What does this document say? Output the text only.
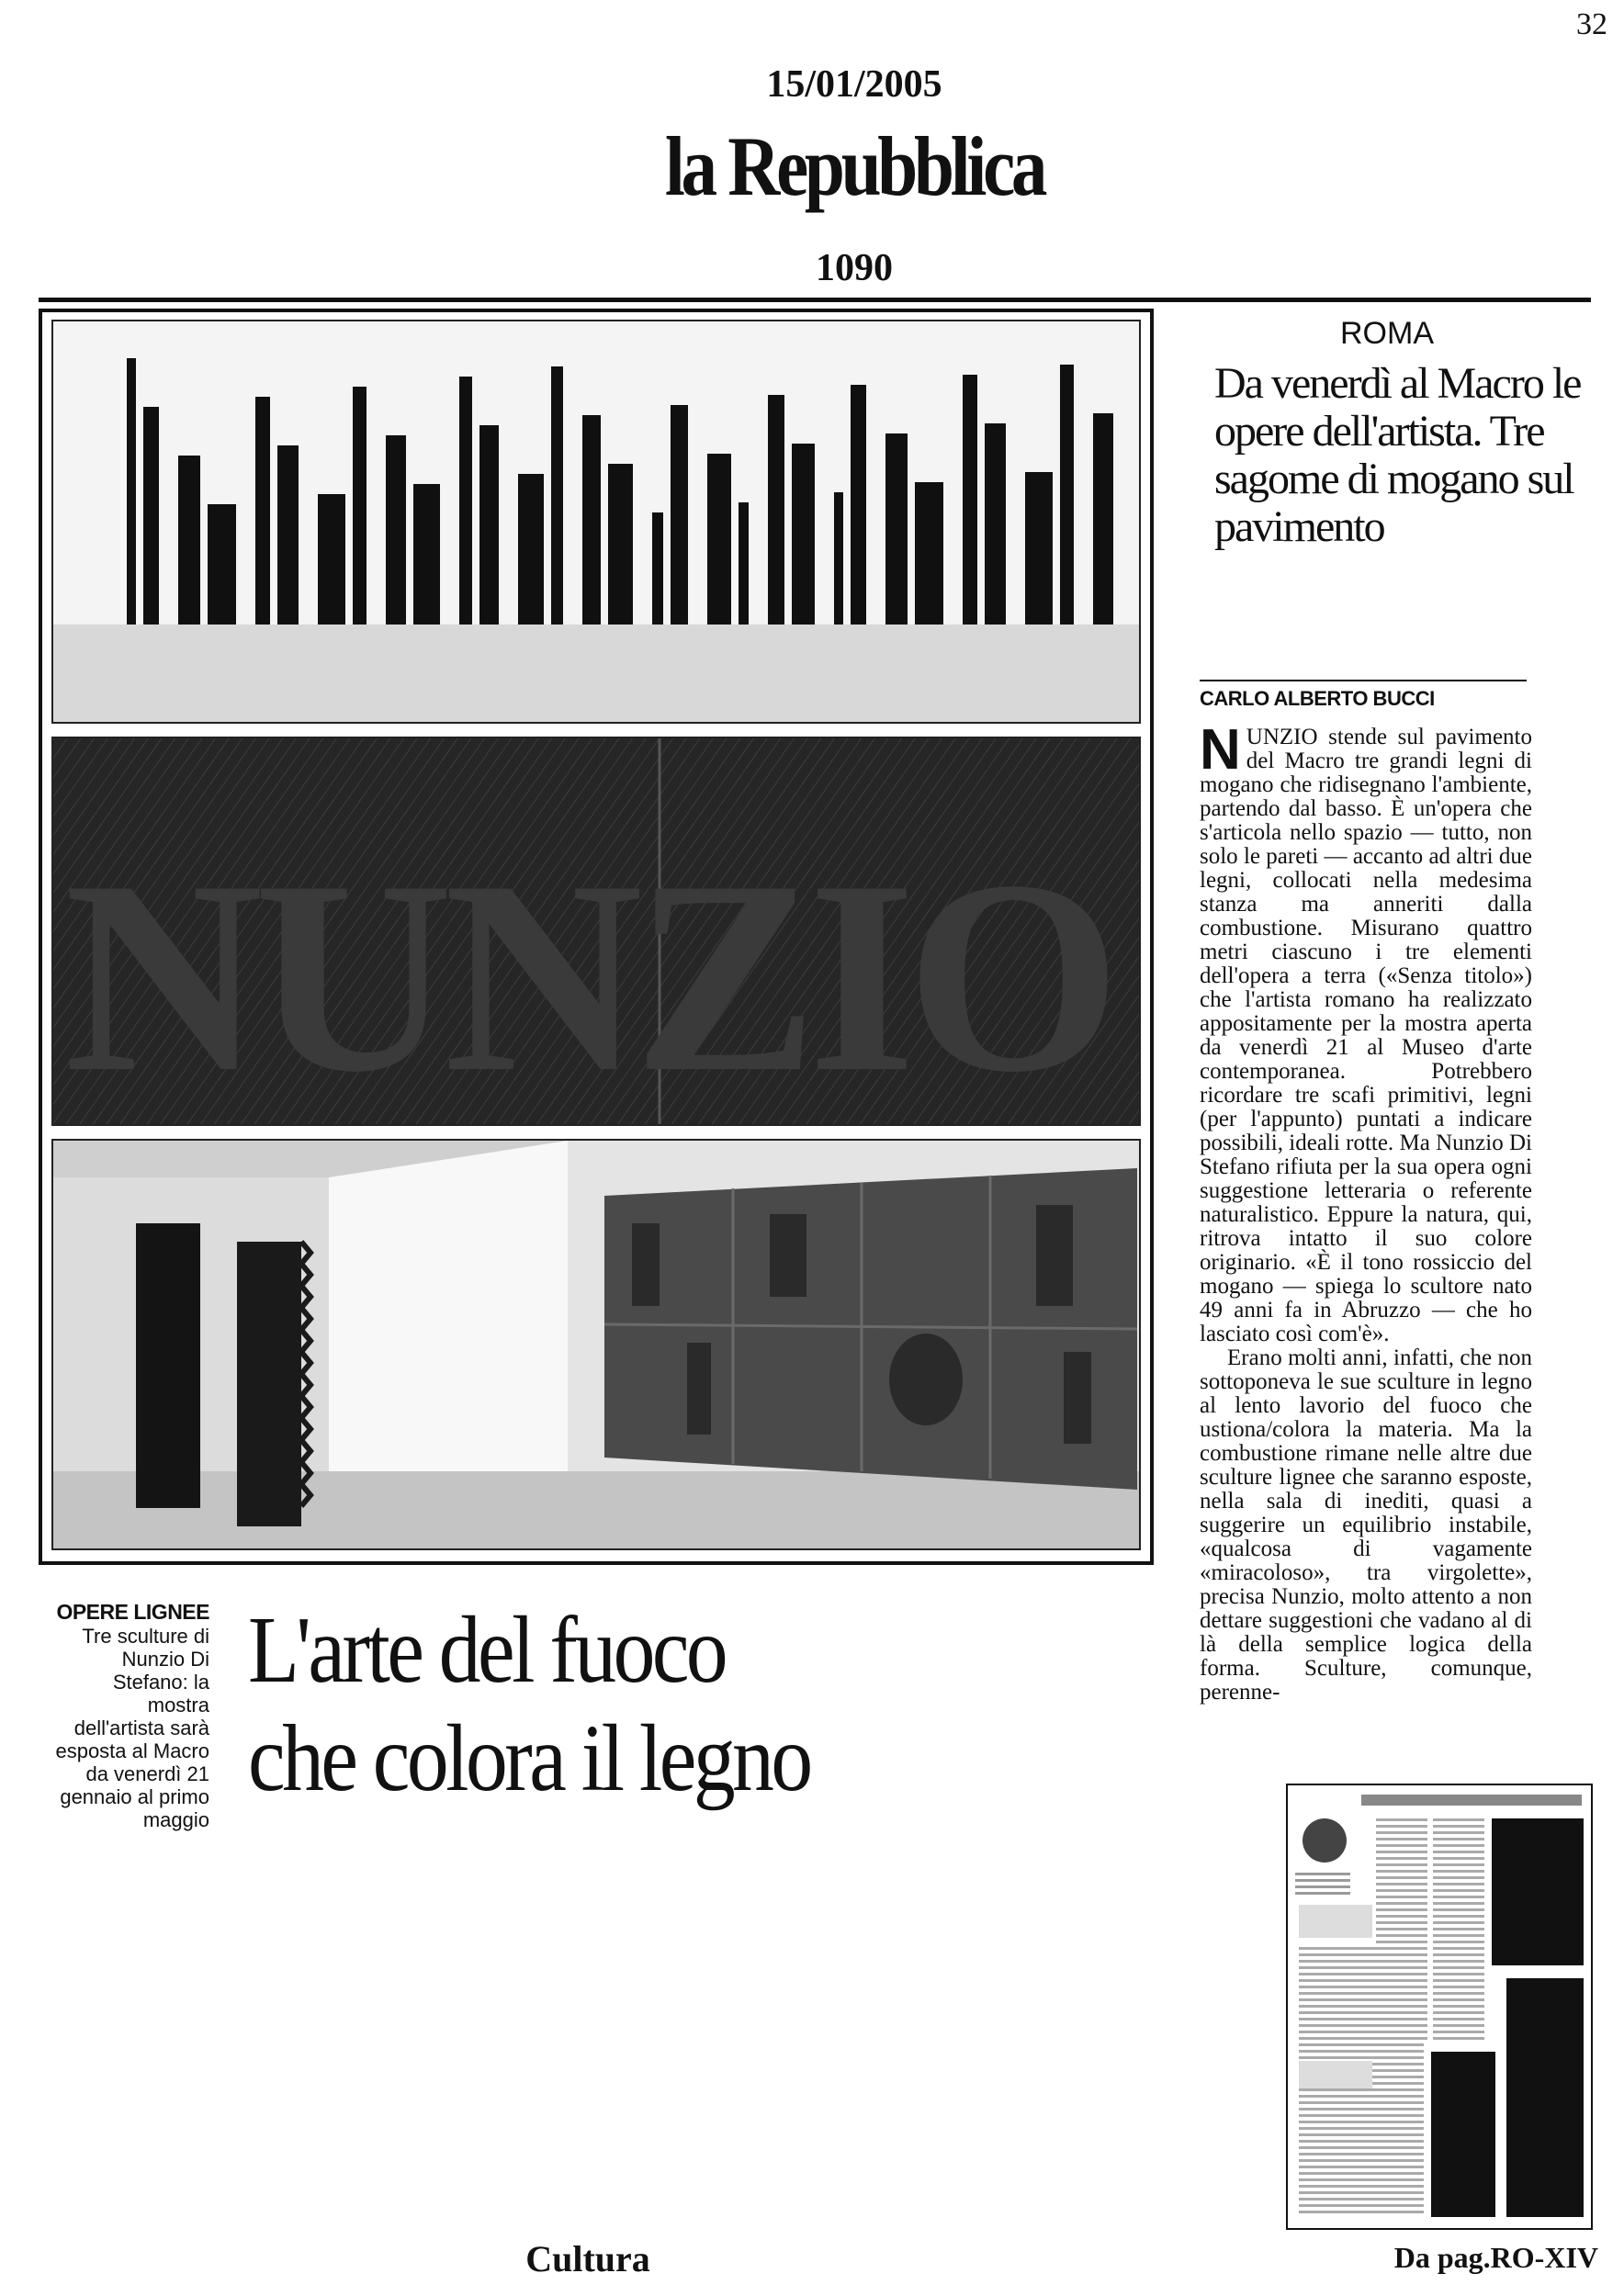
32
15/01/2005
la Repubblica
1090
NUNZIO
ROMA
Da venerdì al Macro le opere dell'artista. Tre sagome di mogano sul pavimento
CARLO ALBERTO BUCCI

NUNZIO stende sul pavimento del Macro tre grandi legni di mogano che ridisegnano l'ambiente, partendo dal basso. È un'opera che s'articola nello spazio — tutto, non solo le pareti — accanto ad altri due legni, collocati nella medesima stanza ma anneriti dalla combustione. Misurano quattro metri ciascuno i tre elementi dell'opera a terra («Senza titolo») che l'artista romano ha realizzato appositamente per la mostra aperta da venerdì 21 al Museo d'arte contemporanea. Potrebbero ricordare tre scafi primitivi, legni (per l'appunto) puntati a indicare possibili, ideali rotte. Ma Nunzio Di Stefano rifiuta per la sua opera ogni suggestione letteraria o referente naturalistico. Eppure la natura, qui, ritrova intatto il suo colore originario. «È il tono rossiccio del mogano — spiega lo scultore nato 49 anni fa in Abruzzo — che ho lasciato così com'è».

Erano molti anni, infatti, che non sottoponeva le sue sculture in legno al lento lavorio del fuoco che ustiona/colora la materia. Ma la combustione rimane nelle altre due sculture lignee che saranno esposte, nella sala di inediti, quasi a suggerire un equilibrio instabile, «qualcosa di vagamente «miracoloso», tra virgolette», precisa Nunzio, molto attento a non dettare suggestioni che vadano al di là della semplice logica della forma. Sculture, comunque, perenne-

OPERE LIGNEE
Tre sculture di Nunzio Di Stefano: la mostra dell'artista sarà esposta al Macro da venerdì 21 gennaio al primo maggio
L'arte del fuoco
che colora il legno
Cultura	Da pag.RO-XIV
